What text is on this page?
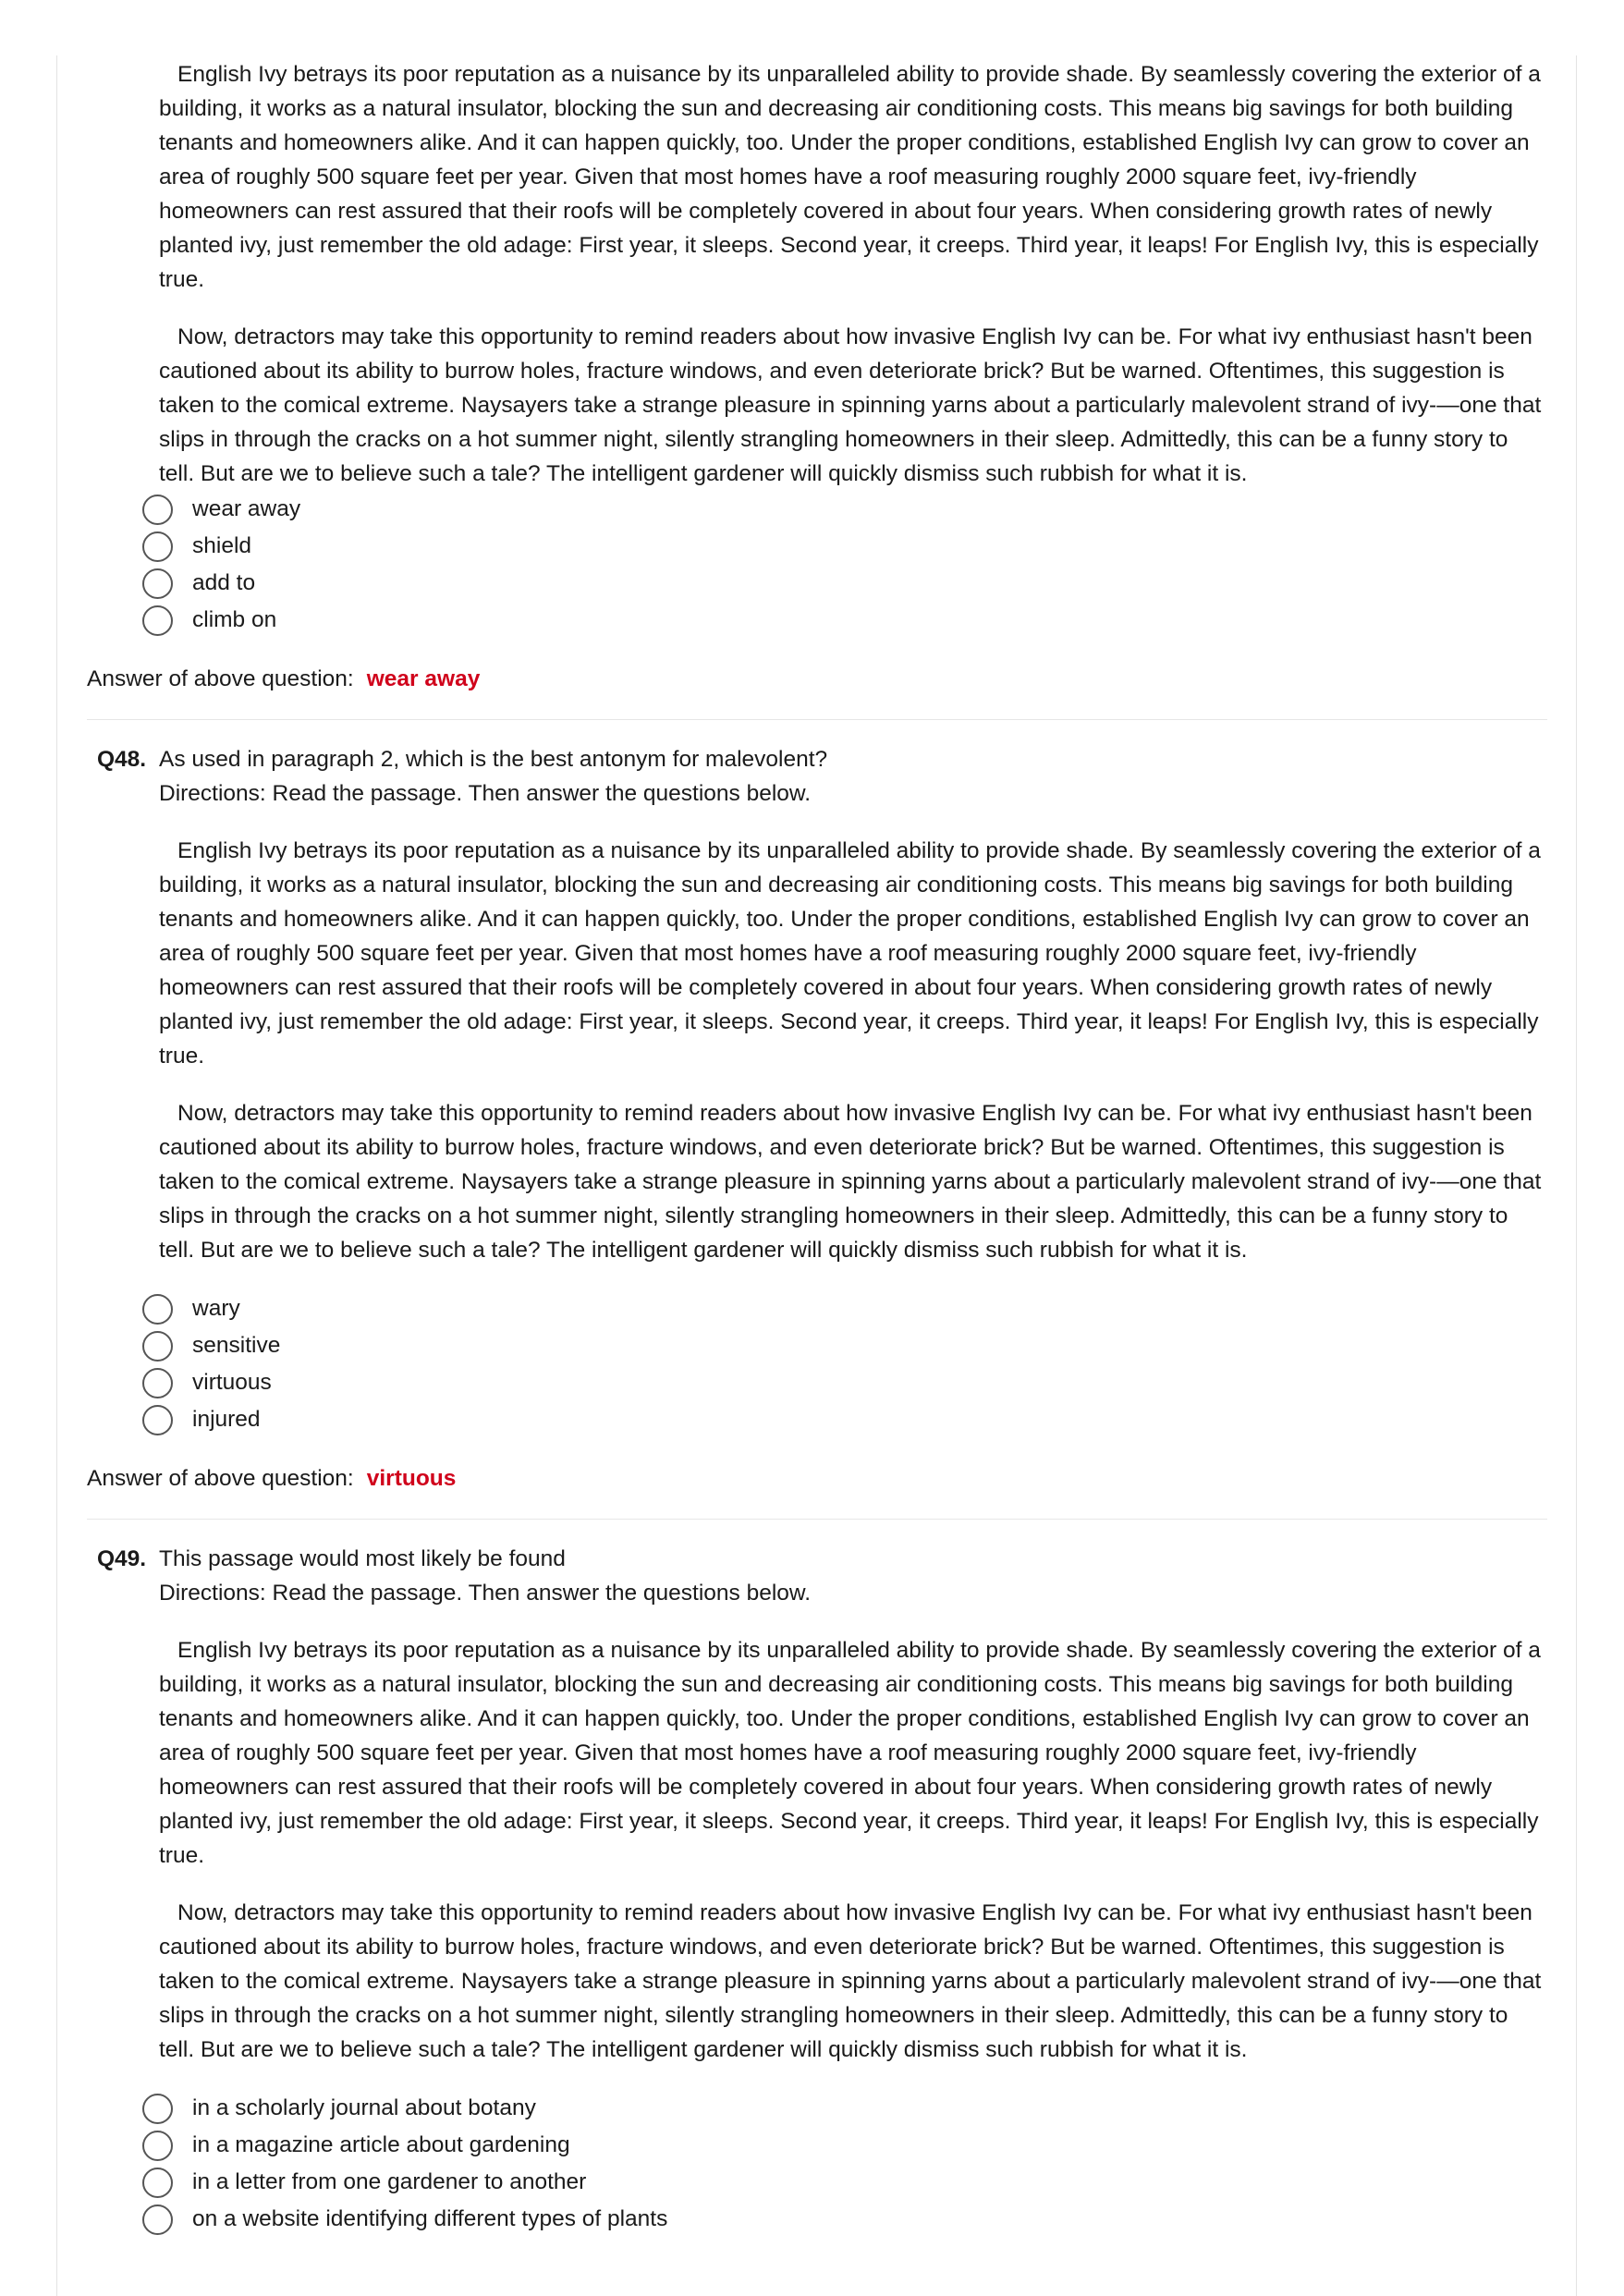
English Ivy betrays its poor reputation as a nuisance by its unparalleled ability to provide shade. By seamlessly covering the exterior of a building, it works as a natural insulator, blocking the sun and decreasing air conditioning costs. This means big savings for both building tenants and homeowners alike. And it can happen quickly, too. Under the proper conditions, established English Ivy can grow to cover an area of roughly 500 square feet per year. Given that most homes have a roof measuring roughly 2000 square feet, ivy-friendly homeowners can rest assured that their roofs will be completely covered in about four years. When considering growth rates of newly planted ivy, just remember the old adage: First year, it sleeps. Second year, it creeps. Third year, it leaps! For English Ivy, this is especially true.

Now, detractors may take this opportunity to remind readers about how invasive English Ivy can be. For what ivy enthusiast hasn't been cautioned about its ability to burrow holes, fracture windows, and even deteriorate brick? But be warned. Oftentimes, this suggestion is taken to the comical extreme. Naysayers take a strange pleasure in spinning yarns about a particularly malevolent strand of ivy-—one that slips in through the cracks on a hot summer night, silently strangling homeowners in their sleep. Admittedly, this can be a funny story to tell. But are we to believe such a tale? The intelligent gardener will quickly dismiss such rubbish for what it is.

wear away
shield
add to
climb on
Answer of above question: wear away
Q48. As used in paragraph 2, which is the best antonym for malevolent?
Directions: Read the passage. Then answer the questions below.

English Ivy betrays its poor reputation as a nuisance by its unparalleled ability to provide shade. By seamlessly covering the exterior of a building, it works as a natural insulator, blocking the sun and decreasing air conditioning costs. This means big savings for both building tenants and homeowners alike. And it can happen quickly, too. Under the proper conditions, established English Ivy can grow to cover an area of roughly 500 square feet per year. Given that most homes have a roof measuring roughly 2000 square feet, ivy-friendly homeowners can rest assured that their roofs will be completely covered in about four years. When considering growth rates of newly planted ivy, just remember the old adage: First year, it sleeps. Second year, it creeps. Third year, it leaps! For English Ivy, this is especially true.

Now, detractors may take this opportunity to remind readers about how invasive English Ivy can be. For what ivy enthusiast hasn't been cautioned about its ability to burrow holes, fracture windows, and even deteriorate brick? But be warned. Oftentimes, this suggestion is taken to the comical extreme. Naysayers take a strange pleasure in spinning yarns about a particularly malevolent strand of ivy-—one that slips in through the cracks on a hot summer night, silently strangling homeowners in their sleep. Admittedly, this can be a funny story to tell. But are we to believe such a tale? The intelligent gardener will quickly dismiss such rubbish for what it is.

wary
sensitive
virtuous
injured
Answer of above question: virtuous
Q49. This passage would most likely be found
Directions: Read the passage. Then answer the questions below.

English Ivy betrays its poor reputation as a nuisance by its unparalleled ability to provide shade. By seamlessly covering the exterior of a building, it works as a natural insulator, blocking the sun and decreasing air conditioning costs. This means big savings for both building tenants and homeowners alike. And it can happen quickly, too. Under the proper conditions, established English Ivy can grow to cover an area of roughly 500 square feet per year. Given that most homes have a roof measuring roughly 2000 square feet, ivy-friendly homeowners can rest assured that their roofs will be completely covered in about four years. When considering growth rates of newly planted ivy, just remember the old adage: First year, it sleeps. Second year, it creeps. Third year, it leaps! For English Ivy, this is especially true.

Now, detractors may take this opportunity to remind readers about how invasive English Ivy can be. For what ivy enthusiast hasn't been cautioned about its ability to burrow holes, fracture windows, and even deteriorate brick? But be warned. Oftentimes, this suggestion is taken to the comical extreme. Naysayers take a strange pleasure in spinning yarns about a particularly malevolent strand of ivy-—one that slips in through the cracks on a hot summer night, silently strangling homeowners in their sleep. Admittedly, this can be a funny story to tell. But are we to believe such a tale? The intelligent gardener will quickly dismiss such rubbish for what it is.

in a scholarly journal about botany
in a magazine article about gardening
in a letter from one gardener to another
on a website identifying different types of plants
